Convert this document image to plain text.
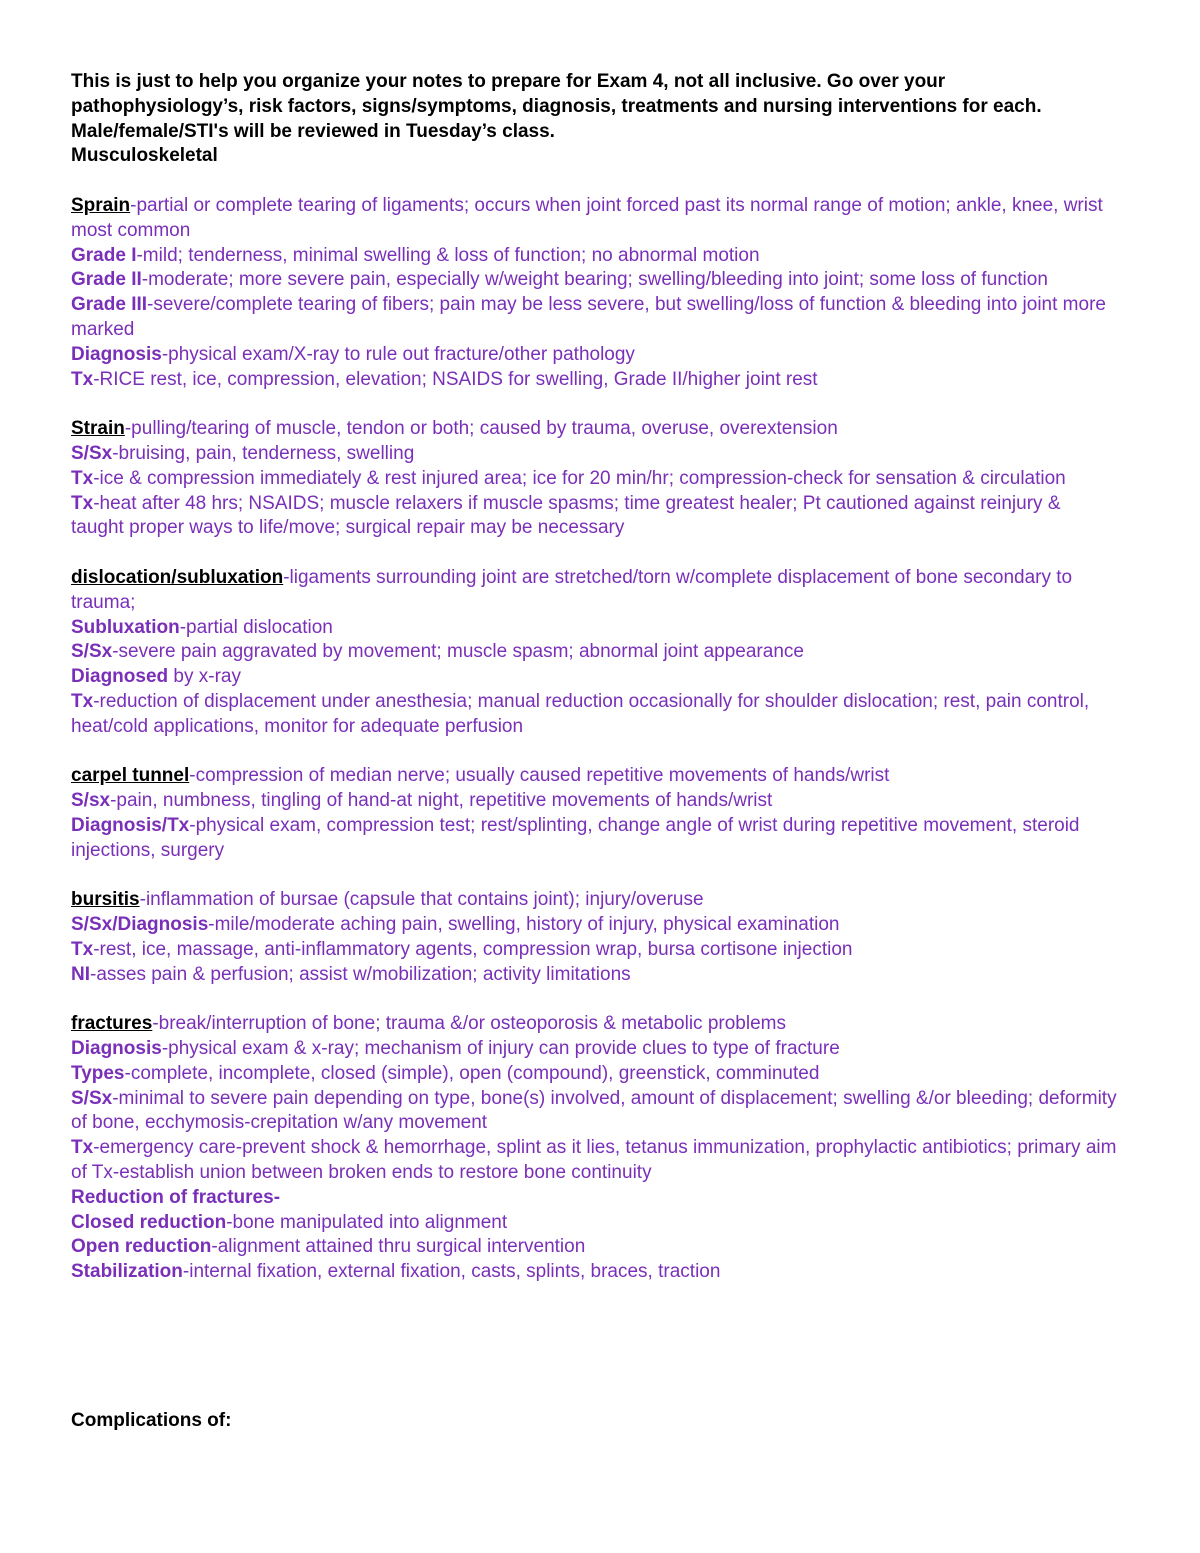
This is just to help you organize your notes to prepare for Exam 4, not all inclusive. Go over your pathophysiology’s, risk factors, signs/symptoms, diagnosis, treatments and nursing interventions for each. Male/female/STI's will be reviewed in Tuesday’s class.

Musculoskeletal

Sprain-partial or complete tearing of ligaments; occurs when joint forced past its normal range of motion; ankle, knee, wrist most common

Grade I-mild; tenderness, minimal swelling & loss of function; no abnormal motion

Grade II-moderate; more severe pain, especially w/weight bearing; swelling/bleeding into joint; some loss of function

Grade III-severe/complete tearing of fibers; pain may be less severe, but swelling/loss of function & bleeding into joint more marked

Diagnosis-physical exam/X-ray to rule out fracture/other pathology

Tx-RICE rest, ice, compression, elevation; NSAIDS for swelling, Grade II/higher joint rest

Strain-pulling/tearing of muscle, tendon or both; caused by trauma, overuse, overextension

S/Sx-bruising, pain, tenderness, swelling

Tx-ice & compression immediately & rest injured area; ice for 20 min/hr; compression-check for sensation & circulation

Tx-heat after 48 hrs; NSAIDS; muscle relaxers if muscle spasms; time greatest healer; Pt cautioned against reinjury & taught proper ways to life/move; surgical repair may be necessary

dislocation/subluxation-ligaments surrounding joint are stretched/torn w/complete displacement of bone secondary to trauma;

Subluxation-partial dislocation

S/Sx-severe pain aggravated by movement; muscle spasm; abnormal joint appearance

Diagnosed by x-ray

Tx-reduction of displacement under anesthesia; manual reduction occasionally for shoulder dislocation; rest, pain control, heat/cold applications, monitor for adequate perfusion

carpel tunnel-compression of median nerve; usually caused repetitive movements of hands/wrist

S/sx-pain, numbness, tingling of hand-at night, repetitive movements of hands/wrist

Diagnosis/Tx-physical exam, compression test; rest/splinting, change angle of wrist during repetitive movement, steroid injections, surgery

bursitis-inflammation of bursae (capsule that contains joint); injury/overuse

S/Sx/Diagnosis-mile/moderate aching pain, swelling, history of injury, physical examination

Tx-rest, ice, massage, anti-inflammatory agents, compression wrap, bursa cortisone injection

NI-asses pain & perfusion; assist w/mobilization; activity limitations

fractures-break/interruption of bone; trauma &/or osteoporosis & metabolic problems

Diagnosis-physical exam & x-ray; mechanism of injury can provide clues to type of fracture

Types-complete, incomplete, closed (simple), open (compound), greenstick, comminuted

S/Sx-minimal to severe pain depending on type, bone(s) involved, amount of displacement; swelling &/or bleeding; deformity of bone, ecchymosis-crepitation w/any movement

Tx-emergency care-prevent shock & hemorrhage, splint as it lies, tetanus immunization, prophylactic antibiotics; primary aim of Tx-establish union between broken ends to restore bone continuity

Reduction of fractures-

Closed reduction-bone manipulated into alignment

Open reduction-alignment attained thru surgical intervention

Stabilization-internal fixation, external fixation, casts, splints, braces, traction

Complications of:
